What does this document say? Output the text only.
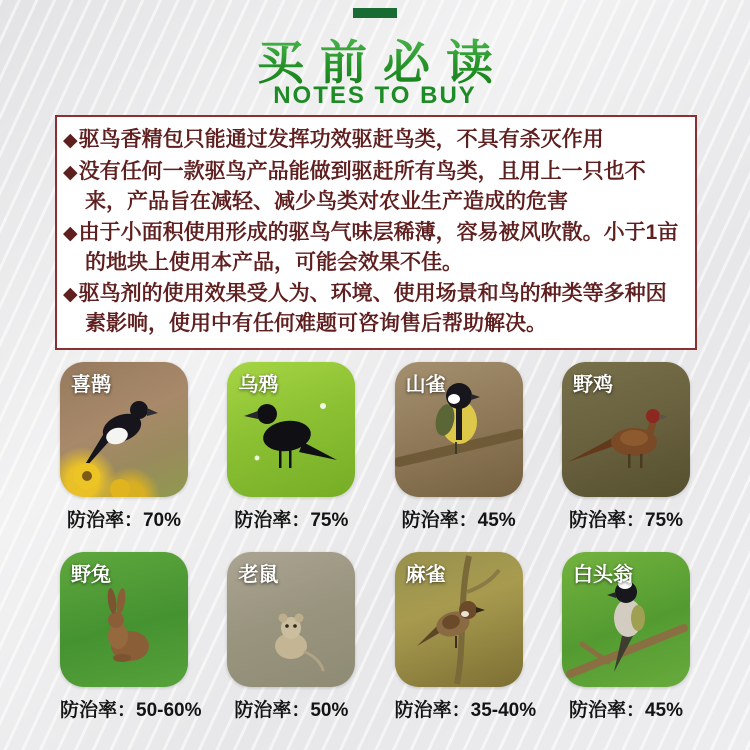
买前必读
NOTES TO BUY
◆驱鸟香精包只能通过发挥功效驱赶鸟类，不具有杀灭作用
◆没有任何一款驱鸟产品能做到驱赶所有鸟类，且用上一只也不来，产品旨在减轻、减少鸟类对农业生产造成的危害
◆由于小面积使用形成的驱鸟气味层稀薄，容易被风吹散。小于1亩的地块上使用本产品，可能会效果不佳。
◆驱鸟剂的使用效果受人为、环境、使用场景和鸟的种类等多种因素影响，使用中有任何难题可咨询售后帮助解决。
喜鹊
防治率：70%
乌鸦
防治率：75%
山雀
防治率：45%
野鸡
防治率：75%
野兔
防治率：50-60%
老鼠
防治率：50%
麻雀
防治率：35-40%
白头翁
防治率：45%
